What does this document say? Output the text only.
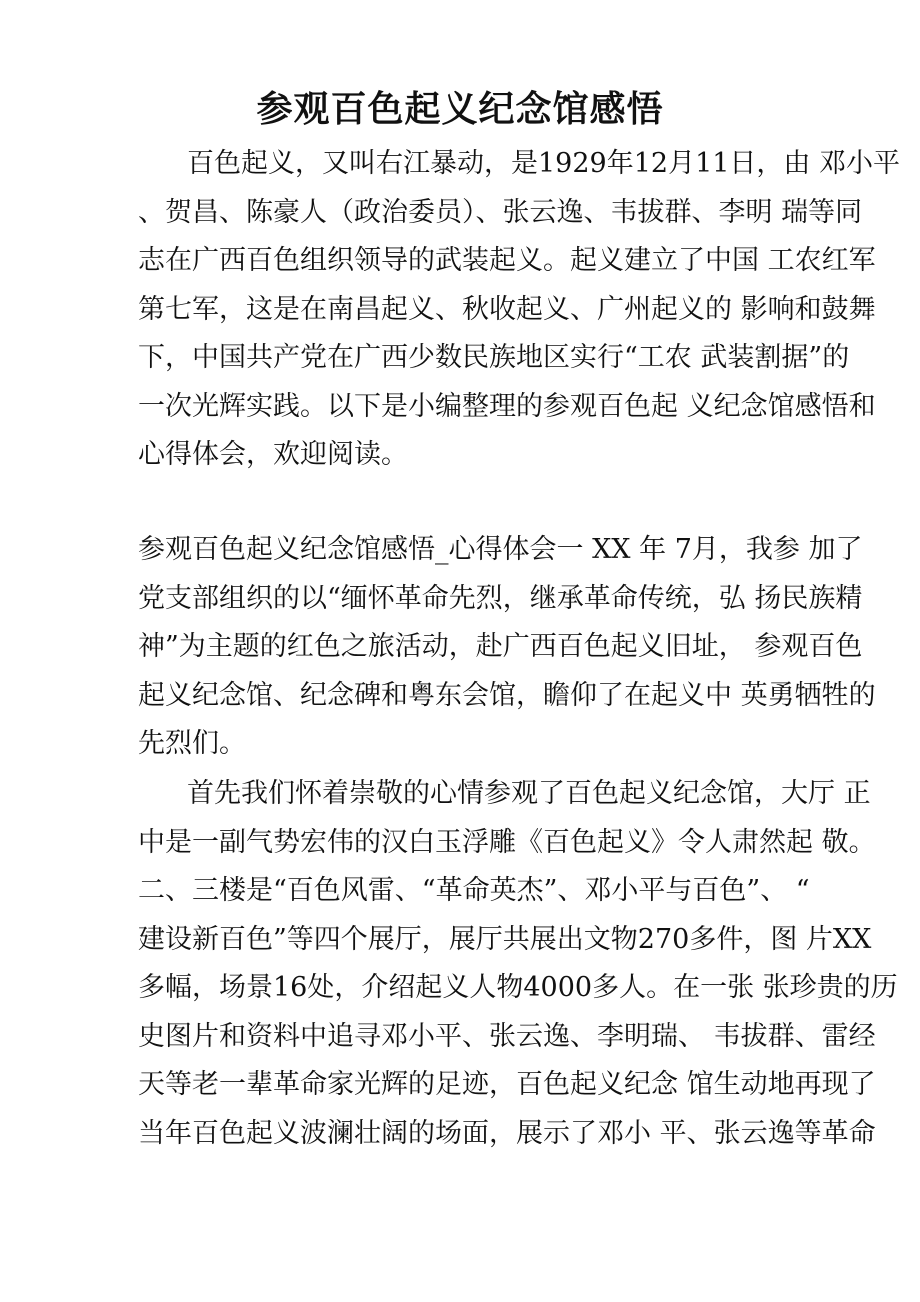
参观百色起义纪念馆感悟
百色起义，又叫右江暴动，是1929年12月11日，由 邓小平
、贺昌、陈豪人（政治委员）、张云逸、韦拔群、李明 瑞等同
志在广西百色组织领导的武装起义。起义建立了中国 工农红军
第七军，这是在南昌起义、秋收起义、广州起义的 影响和鼓舞
下，中国共产党在广西少数民族地区实行“工农 武装割据”的
一次光辉实践。以下是小编整理的参观百色起 义纪念馆感悟和
心得体会，欢迎阅读。
参观百色起义纪念馆感悟_心得体会一 XX 年 7月，我参 加了
党支部组织的以“缅怀革命先烈，继承革命传统，弘 扬民族精
神”为主题的红色之旅活动，赴广西百色起义旧址， 参观百色
起义纪念馆、纪念碑和粤东会馆，瞻仰了在起义中 英勇牺牲的
先烈们。
首先我们怀着崇敬的心情参观了百色起义纪念馆，大厅 正
中是一副气势宏伟的汉白玉浮雕《百色起义》令人肃然起 敬。
二、三楼是“百色风雷、“革命英杰”、邓小平与百色”、 “
建设新百色”等四个展厅，展厅共展出文物270多件，图 片XX
多幅，场景16处，介绍起义人物4000多人。在一张 张珍贵的历
史图片和资料中追寻邓小平、张云逸、李明瑞、 韦拔群、雷经
天等老一辈革命家光辉的足迹，百色起义纪念 馆生动地再现了
当年百色起义波澜壮阔的场面，展示了邓小 平、张云逸等革命
